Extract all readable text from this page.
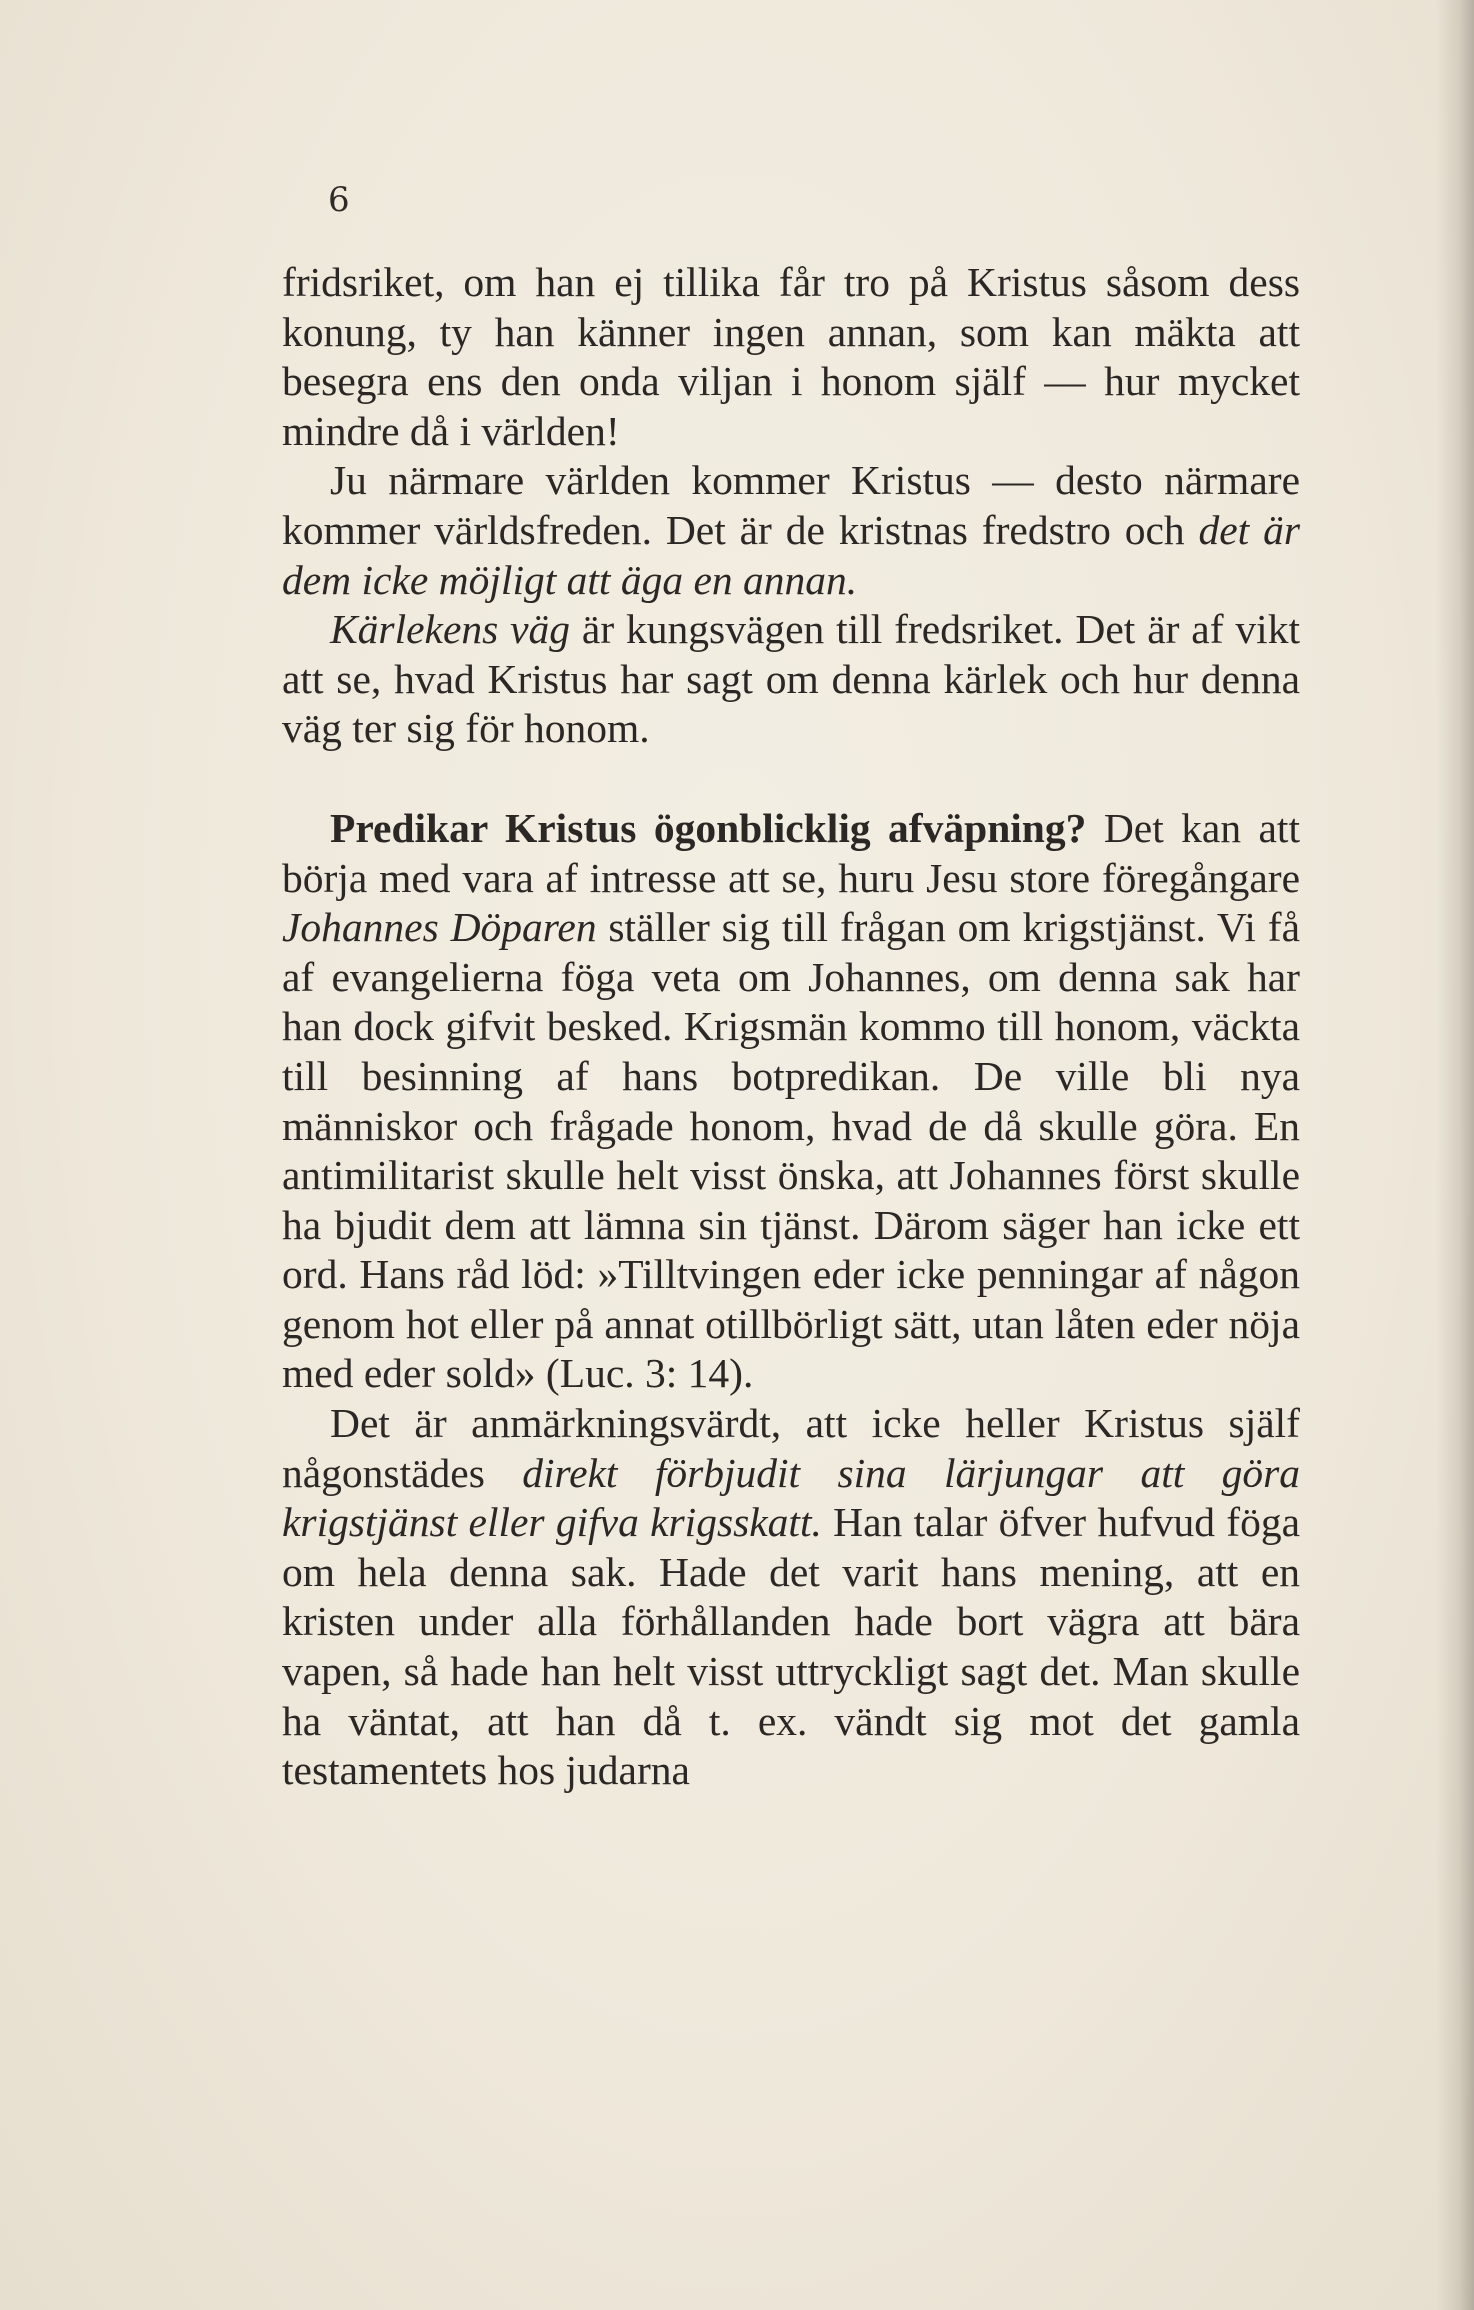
6

fridsriket, om han ej tillika får tro på Kristus såsom dess konung, ty han känner ingen annan, som kan mäkta att besegra ens den onda viljan i honom själf — hur mycket mindre då i världen!

Ju närmare världen kommer Kristus — desto närmare kommer världsfreden. Det är de kristnas fredstro och det är dem icke möjligt att äga en annan.

Kärlekens väg är kungsvägen till fredsriket. Det är af vikt att se, hvad Kristus har sagt om denna kärlek och hur denna väg ter sig för honom.

Predikar Kristus ögonblicklig afväpning? Det kan att börja med vara af intresse att se, huru Jesu store föregångare Johannes Döparen ställer sig till frågan om krigstjänst. Vi få af evangelierna föga veta om Johannes, om denna sak har han dock gifvit besked. Krigsmän kommo till honom, väckta till besinning af hans botpredikan. De ville bli nya människor och frågade honom, hvad de då skulle göra. En antimilitarist skulle helt visst önska, att Johannes först skulle ha bjudit dem att lämna sin tjänst. Därom säger han icke ett ord. Hans råd löd: »Tilltvingen eder icke penningar af någon genom hot eller på annat otillbörligt sätt, utan låten eder nöja med eder sold» (Luc. 3: 14).

Det är anmärkningsvärdt, att icke heller Kristus själf någonstädes direkt förbjudit sina lärjungar att göra krigstjänst eller gifva krigsskatt. Han talar öfver hufvud föga om hela denna sak. Hade det varit hans mening, att en kristen under alla förhållanden hade bort vägra att bära vapen, så hade han helt visst uttryckligt sagt det. Man skulle ha väntat, att han då t. ex. vändt sig mot det gamla testamentets hos judarna
